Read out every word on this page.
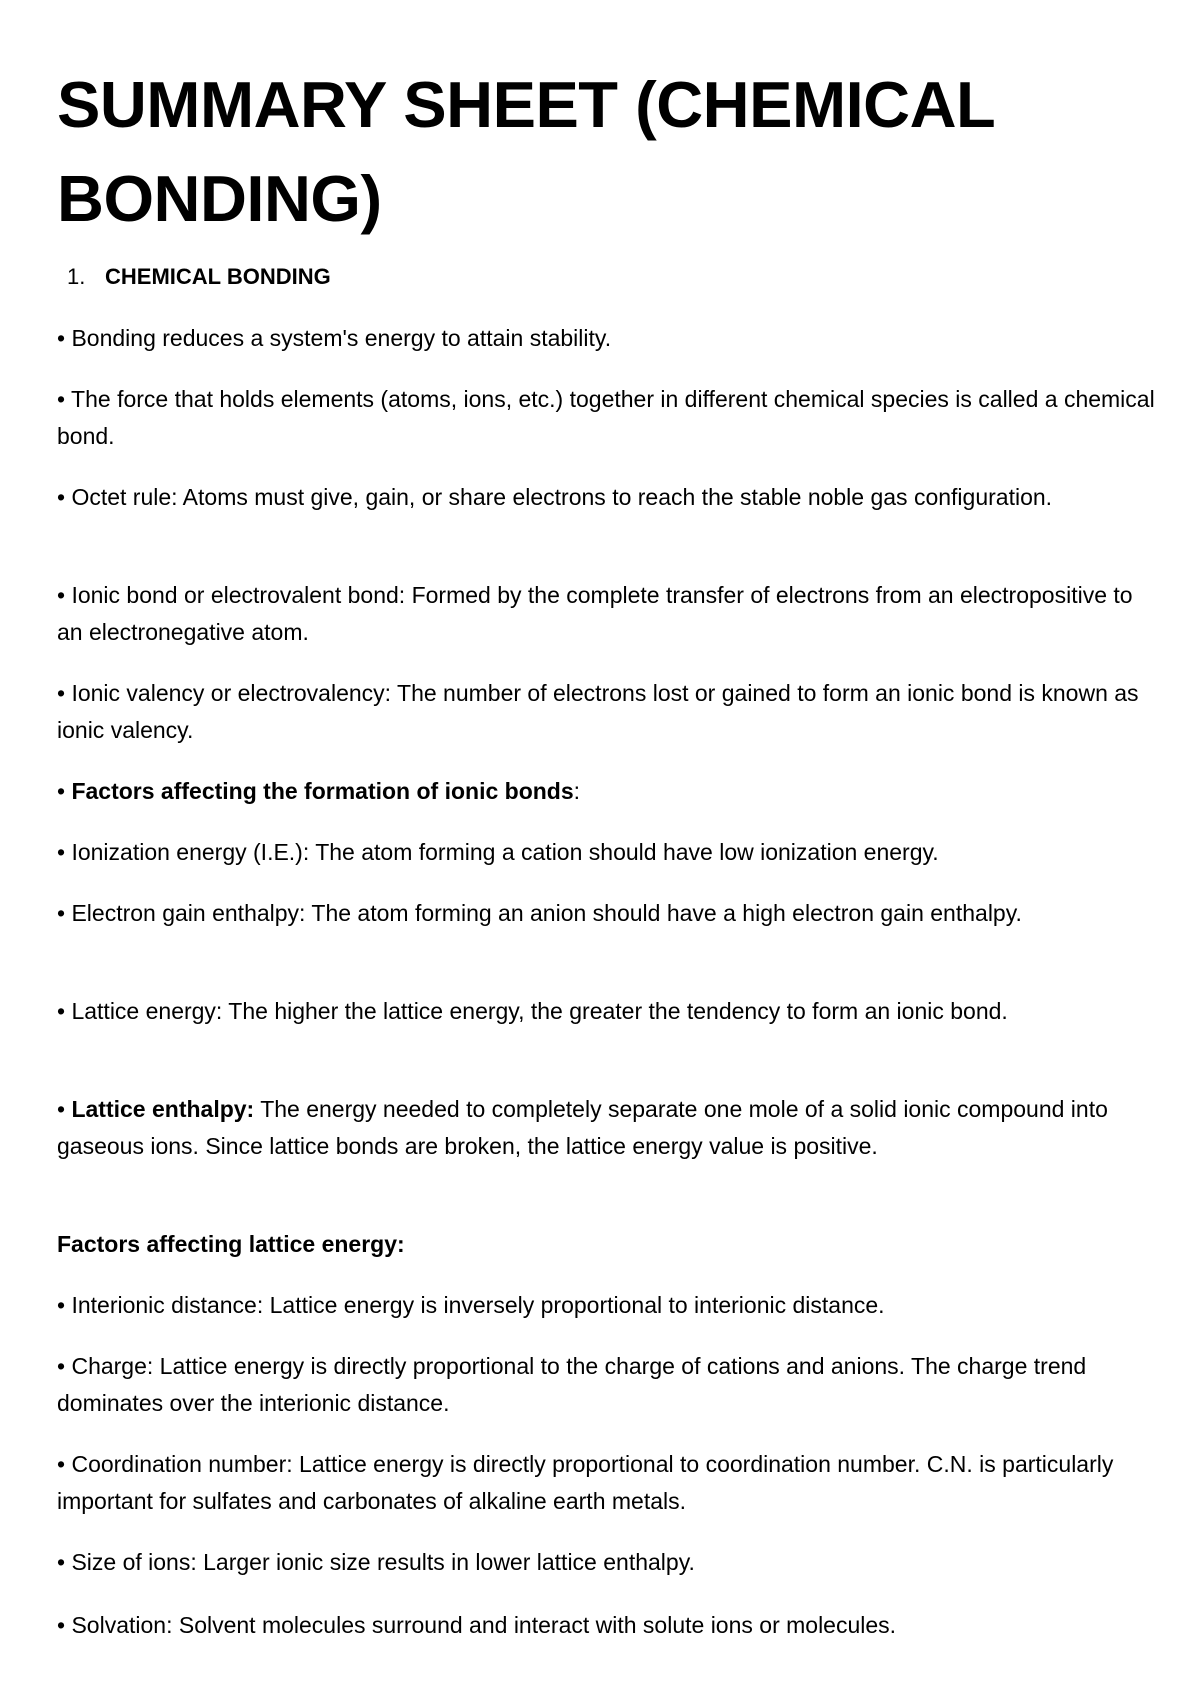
SUMMARY SHEET (CHEMICAL BONDING)
1. CHEMICAL BONDING

• Bonding reduces a system's energy to attain stability.

• The force that holds elements (atoms, ions, etc.) together in different chemical species is called a chemical bond.

• Octet rule: Atoms must give, gain, or share electrons to reach the stable noble gas configuration.

• Ionic bond or electrovalent bond: Formed by the complete transfer of electrons from an electropositive to an electronegative atom.

• Ionic valency or electrovalency: The number of electrons lost or gained to form an ionic bond is known as ionic valency.

• Factors affecting the formation of ionic bonds:

• Ionization energy (I.E.): The atom forming a cation should have low ionization energy.

• Electron gain enthalpy: The atom forming an anion should have a high electron gain enthalpy.

• Lattice energy: The higher the lattice energy, the greater the tendency to form an ionic bond.

• Lattice enthalpy: The energy needed to completely separate one mole of a solid ionic compound into gaseous ions. Since lattice bonds are broken, the lattice energy value is positive.

Factors affecting lattice energy:

• Interionic distance: Lattice energy is inversely proportional to interionic distance.

• Charge: Lattice energy is directly proportional to the charge of cations and anions. The charge trend dominates over the interionic distance.

• Coordination number: Lattice energy is directly proportional to coordination number. C.N. is particularly important for sulfates and carbonates of alkaline earth metals.

• Size of ions: Larger ionic size results in lower lattice enthalpy.

• Solvation: Solvent molecules surround and interact with solute ions or molecules.
